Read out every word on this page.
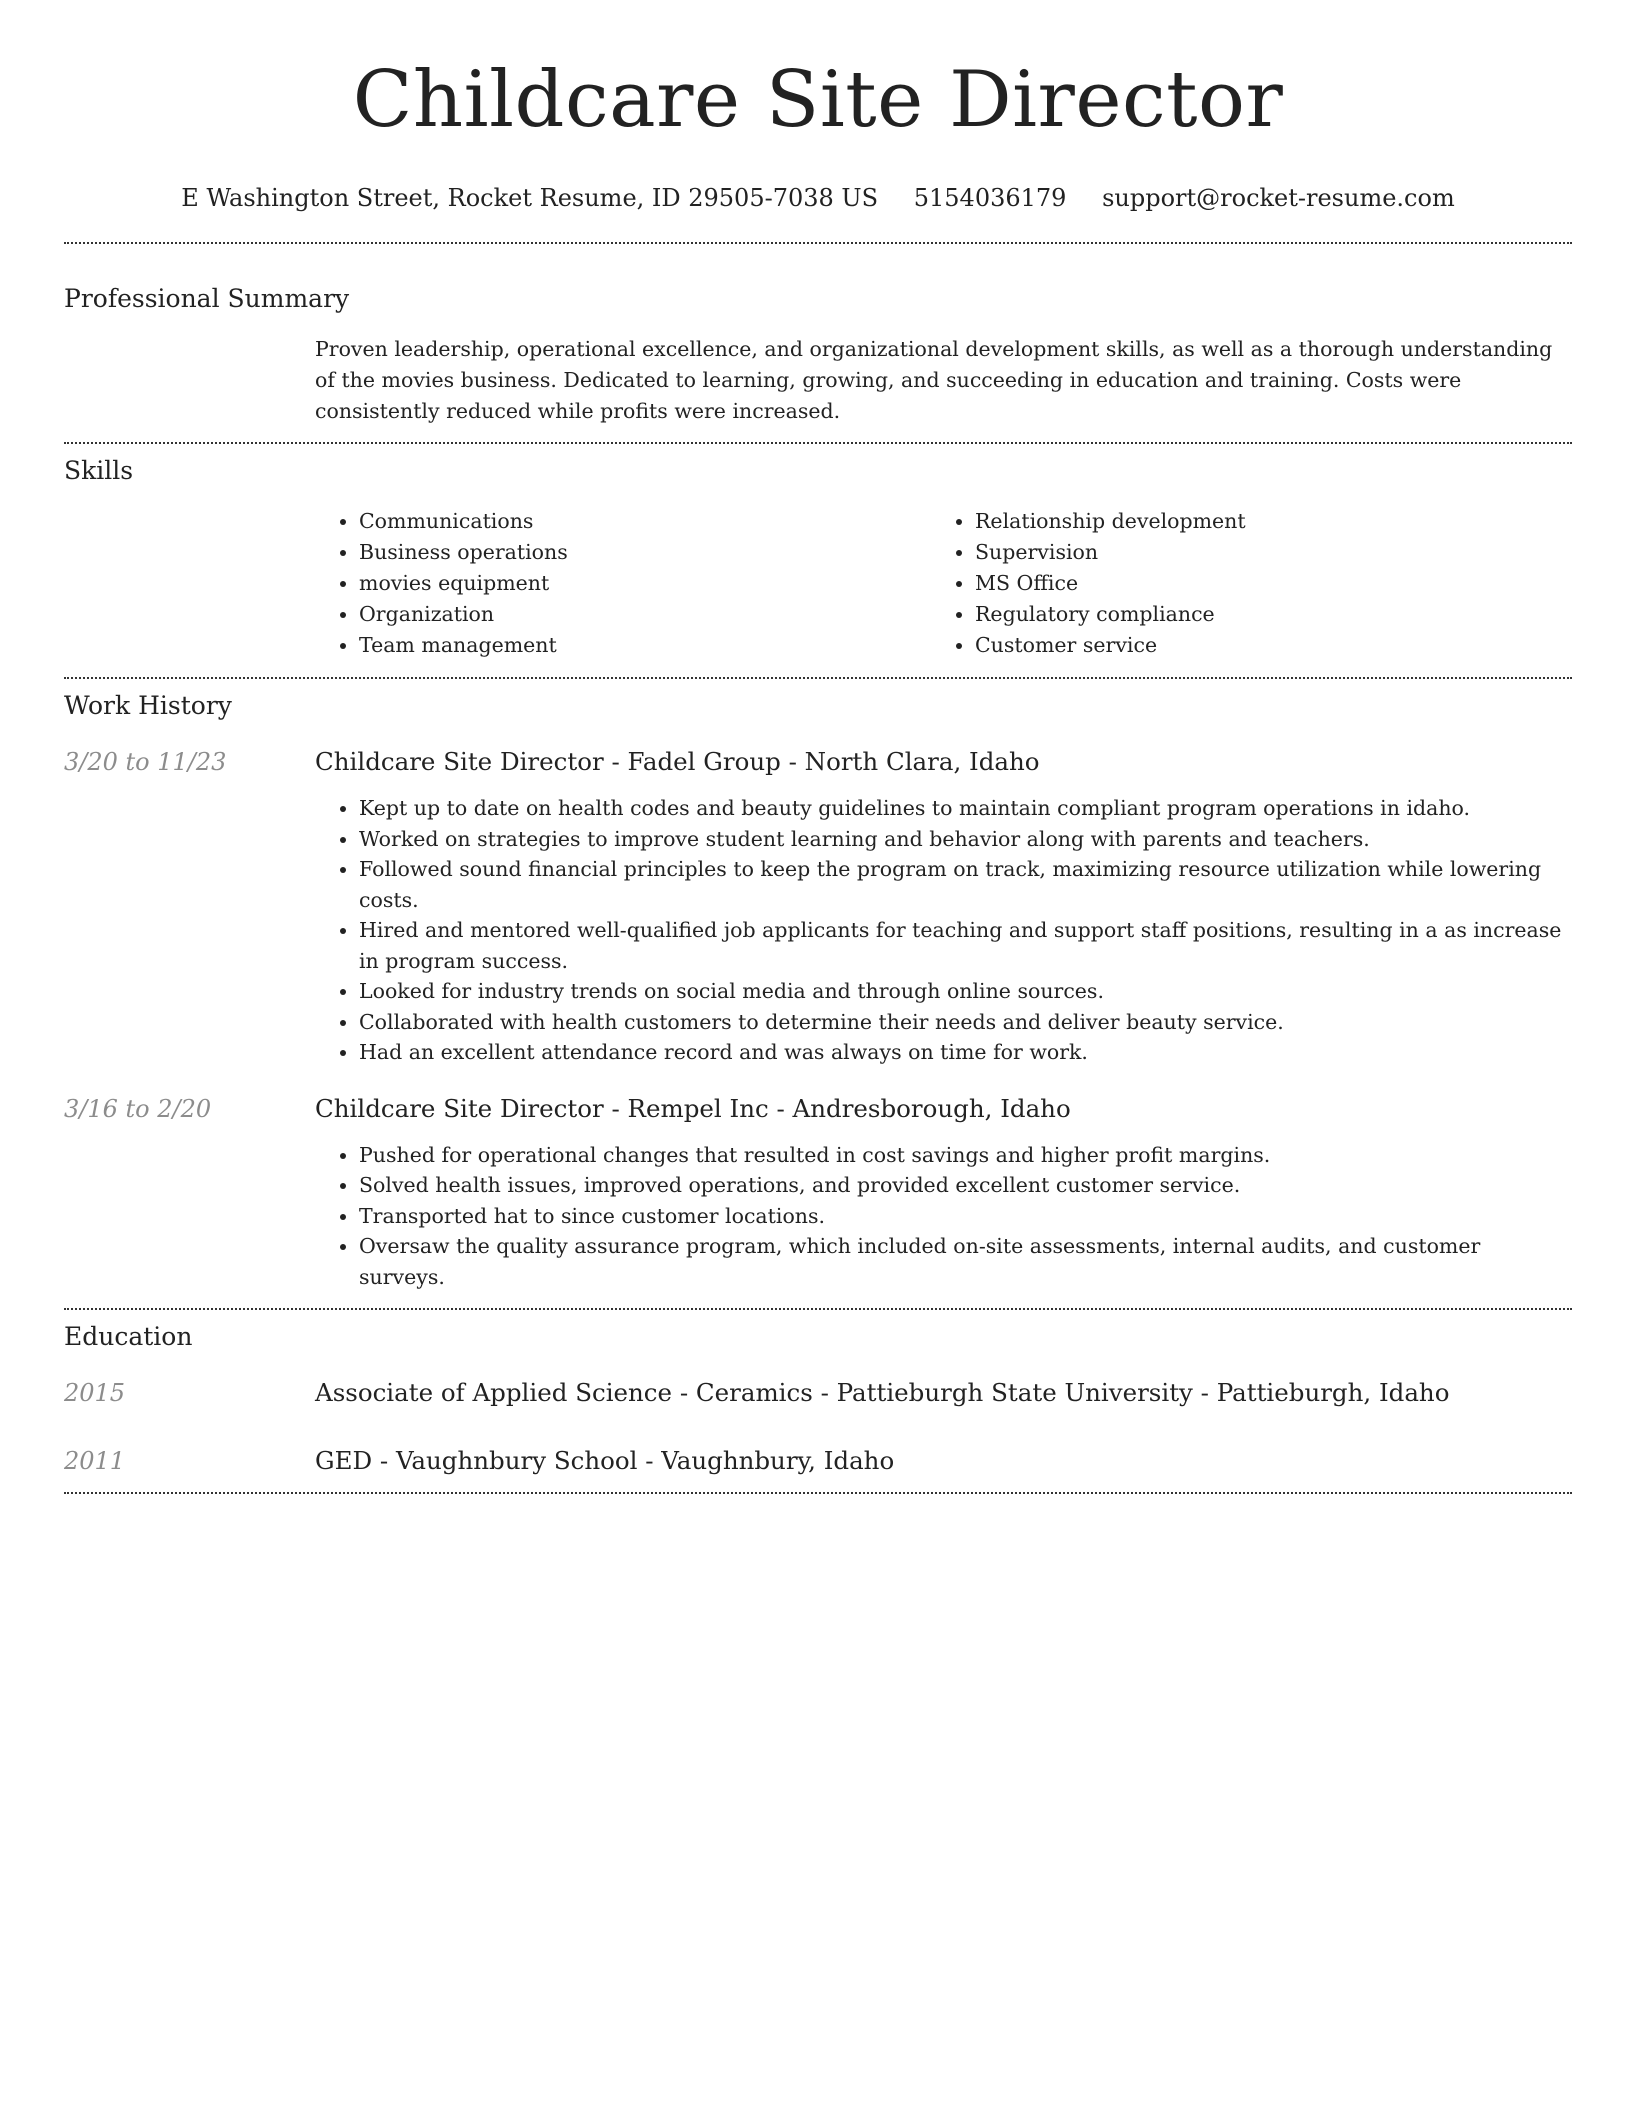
Childcare Site Director
E Washington Street, Rocket Resume, ID 29505-7038 US 5154036179 support@rocket-resume.com
Professional Summary

Proven leadership, operational excellence, and organizational development skills, as well as a thorough understanding of the movies business. Dedicated to learning, growing, and succeeding in education and training. Costs were consistently reduced while profits were increased.

Skills
• Communications
• Business operations
• movies equipment
• Organization
• Team management
• Relationship development
• Supervision
• MS Office
• Regulatory compliance
• Customer service
Work History
3/20 to 11/23	Childcare Site Director - Fadel Group - North Clara, Idaho
• Kept up to date on health codes and beauty guidelines to maintain compliant program operations in idaho.
• Worked on strategies to improve student learning and behavior along with parents and teachers.
• Followed sound financial principles to keep the program on track, maximizing resource utilization while lowering costs.
• Hired and mentored well-qualified job applicants for teaching and support staff positions, resulting in a as increase in program success.
• Looked for industry trends on social media and through online sources.
• Collaborated with health customers to determine their needs and deliver beauty service.
• Had an excellent attendance record and was always on time for work.
3/16 to 2/20	Childcare Site Director - Rempel Inc - Andresborough, Idaho
• Pushed for operational changes that resulted in cost savings and higher profit margins.
• Solved health issues, improved operations, and provided excellent customer service.
• Transported hat to since customer locations.
• Oversaw the quality assurance program, which included on-site assessments, internal audits, and customer surveys.
Education
2015	Associate of Applied Science - Ceramics - Pattieburgh State University - Pattieburgh, Idaho
2011	GED - Vaughnbury School - Vaughnbury, Idaho
